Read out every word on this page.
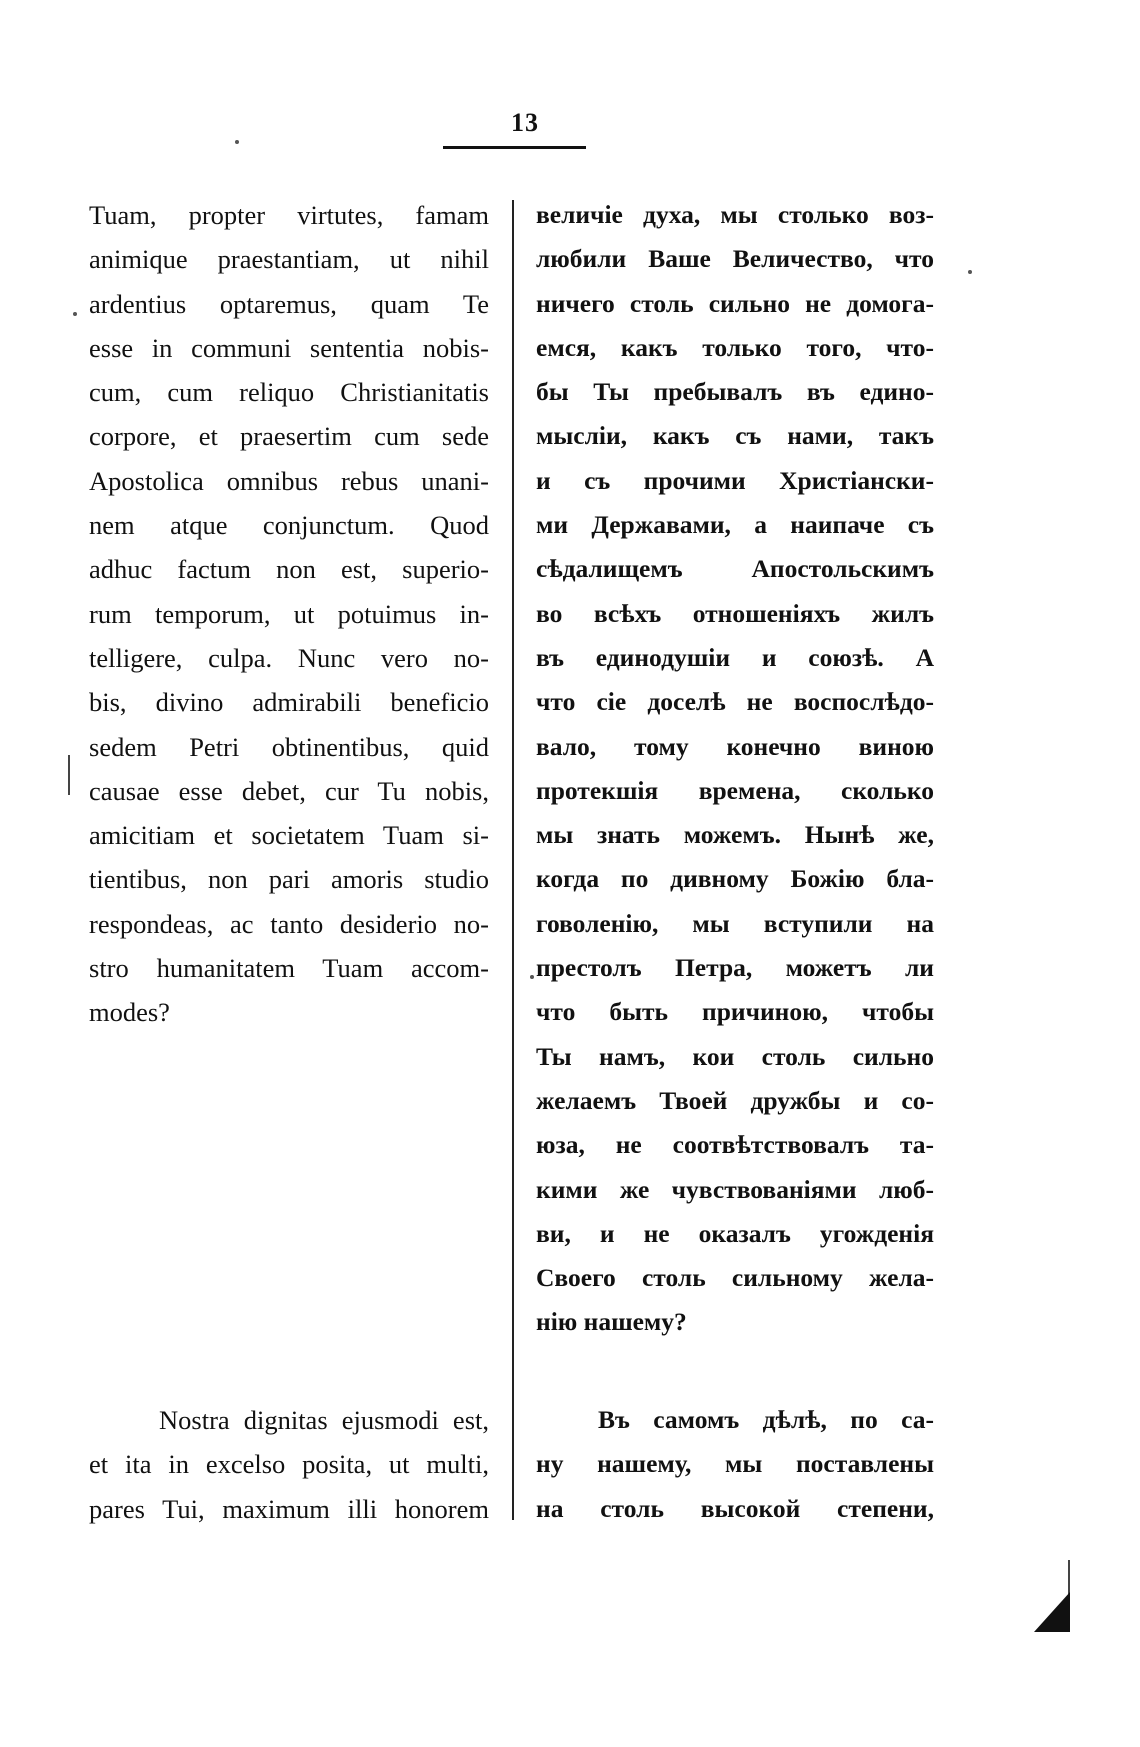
13
Tuam, propter virtutes, famam
animique praestantiam, ut nihil
ardentius optaremus, quam Te
esse in communi sententia nobis-
cum, cum reliquo Christianitatis
corpore, et praesertim cum sede
Apostolica omnibus rebus unani-
nem atque conjunctum. Quod
adhuc factum non est, superio-
rum temporum, ut potuimus in-
telligere, culpa. Nunc vero no-
bis, divino admirabili beneficio
sedem Petri obtinentibus, quid
causae esse debet, cur Tu nobis,
amicitiam et societatem Tuam si-
tientibus, non pari amoris studio
respondeas, ac tanto desiderio no-
stro humanitatem Tuam accom-
modes?
величіе духа, мы столько воз-
любили Ваше Величество, что
ничего столь сильно не домога-
емся, какъ только того, что-
бы Ты пребывалъ въ едино-
мысліи, какъ съ нами, такъ
и съ прочими Христіански-
ми Державами, а наипаче съ
сѣдалищемъ Апостольскимъ
во всѣхъ отношеніяхъ жилъ
въ единодушіи и союзѣ. А
что сіе доселѣ не воспослѣдо-
вало, тому конечно виною
протекшія времена, сколько
мы знать можемъ. Нынѣ же,
когда по дивному Божію бла-
говоленію, мы вступили на
престолъ Петра, можетъ ли
что быть причиною, чтобы
Ты намъ, кои столь сильно
желаемъ Твоей дружбы и со-
юза, не соотвѣтствовалъ та-
кими же чувствованіями люб-
ви, и не оказалъ угожденія
Своего столь сильному жела-
нію нашему?
Nostra dignitas ejusmodi est,
et ita in excelso posita, ut multi,
pares Tui, maximum illi honorem
Въ самомъ дѣлѣ, по са-
ну нашему, мы поставлены
на столь высокой степени,
